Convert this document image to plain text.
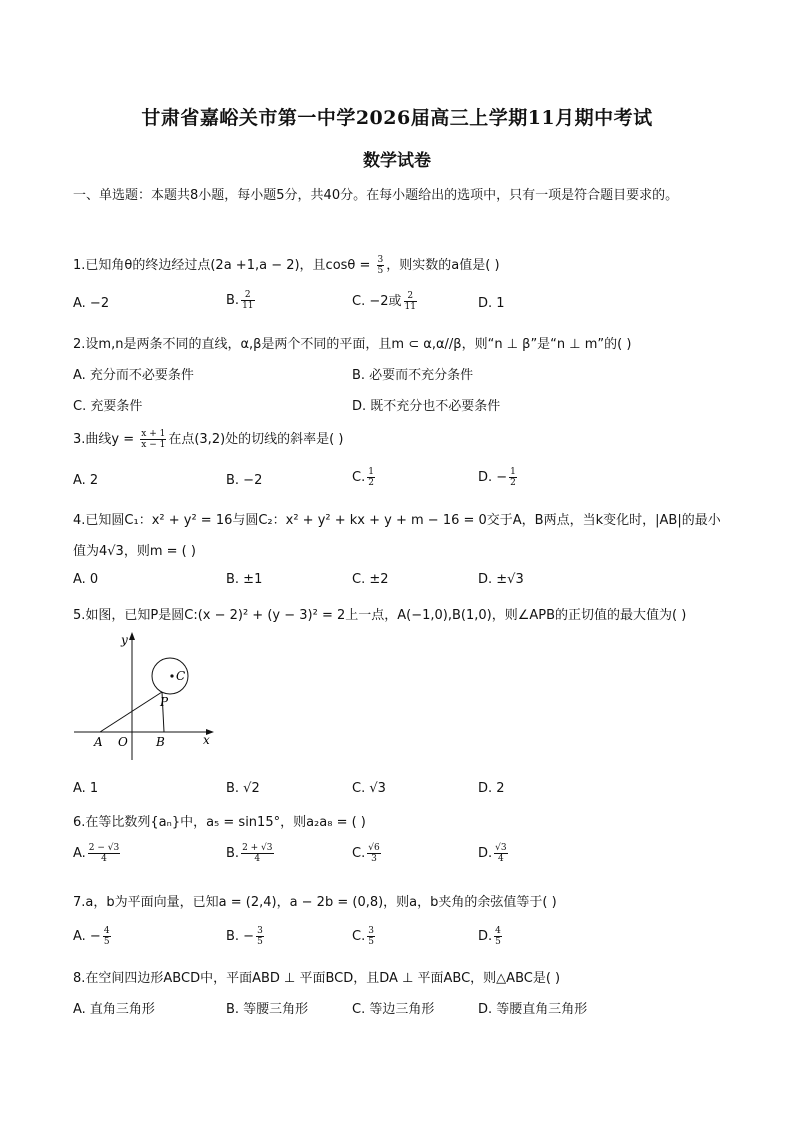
甘肃省嘉峪关市第一中学2026届高三上学期11月期中考试
数学试卷
一、单选题：本题共8小题，每小题5分，共40分。在每小题给出的选项中，只有一项是符合题目要求的。
1.已知角θ的终边经过点(2a +1,a − 2)，且$\cos\theta = \frac{3}{5}$ ，则实数的a值是( )
A. −2	B. $\frac{2}{11}$	C. −2或 $\frac{2}{11}$	D. 1
2.设m,n是两条不同的直线，α,β是两个不同的平面，且m ⊂ α,α//β，则“n ⊥ β”是“n ⊥ m”的( )
A. 充分而不必要条件	B. 必要而不充分条件
C. 充要条件	D. 既不充分也不必要条件
3.曲线$y = \frac{x + 1}{x - 1}$ 在点(3,2)处的切线的斜率是( )
A. 2	B. −2	C. $\frac{1}{2}$	D. − $\frac{1}{2}$
4.已知圆C₁：x² + y² = 16与圆C₂：x² + y² + kx + y + m − 16 = 0交于A，B两点，当k变化时，|AB|的最小
值为4√3，则m = ( )
A. 0	B. ±1	C. ±2	D. ±√3
5.如图，已知P是圆C:(x − 2)² + (y − 3)² = 2上一点，A(−1,0),B(1,0)，则∠APB的正切值的最大值为( )
y
x
A O B
P
C
A. 1	B. √2	C. √3	D. 2
6.在等比数列{aₙ}中，a₅ = sin15°，则a₂a₈ = ( )
A. $\frac{2 - √3}{4}$	B. $\frac{2 + √3}{4}$	C. $\frac{√6}{3}$	D. $\frac{√3}{4}$
7.a，b为平面向量，已知a = (2,4)，a − 2b = (0,8)，则a，b夹角的余弦值等于( )
A. − $\frac{4}{5}$	B. − $\frac{3}{5}$	C. $\frac{3}{5}$	D. $\frac{4}{5}$
8.在空间四边形ABCD中，平面ABD ⊥ 平面BCD，且DA ⊥ 平面ABC，则△ABC是( )
A. 直角三角形	B. 等腰三角形	C. 等边三角形	D. 等腰直角三角形
